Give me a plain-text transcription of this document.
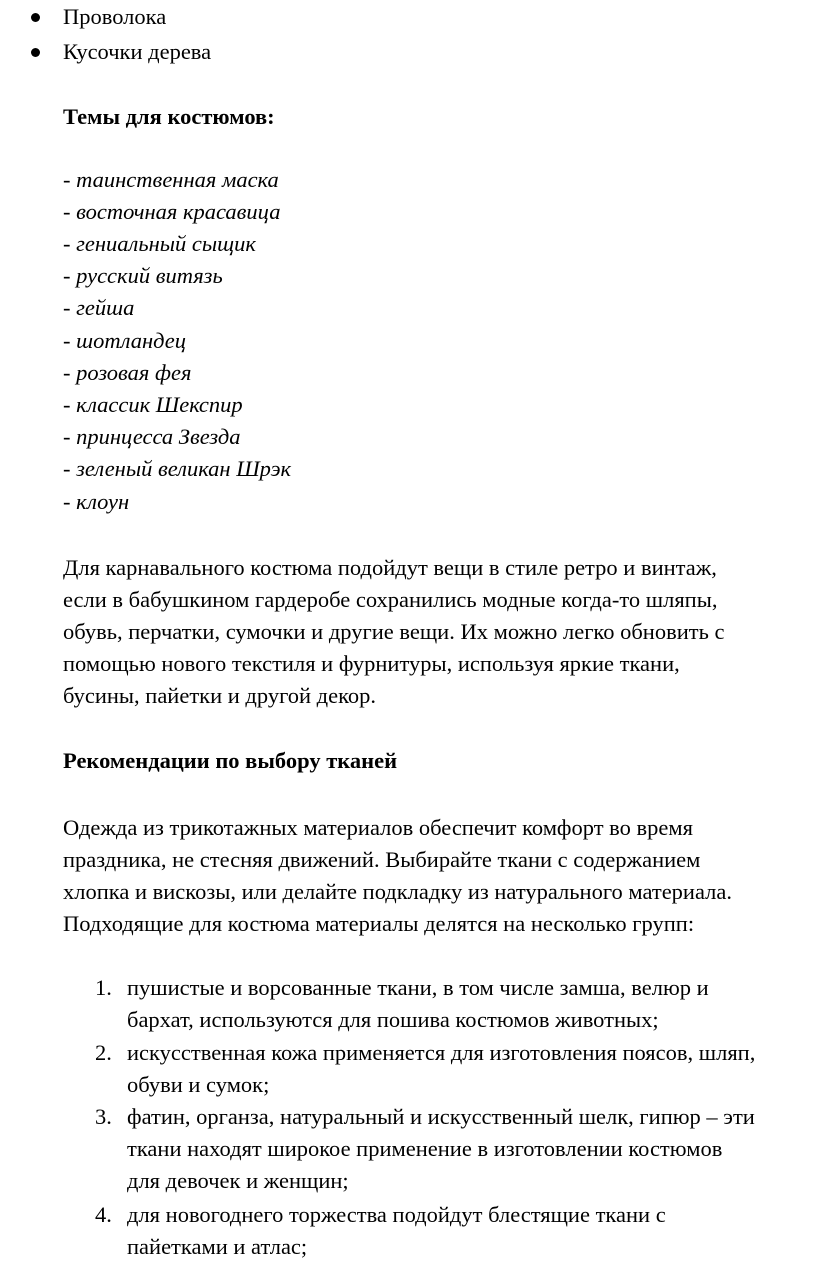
Проволока
Кусочки дерева
Темы для костюмов:
- таинственная маска
- восточная красавица
- гениальный сыщик
- русский витязь
- гейша
- шотландец
- розовая фея
- классик Шекспир
- принцесса Звезда
- зеленый великан Шрэк
- клоун
Для карнавального костюма подойдут вещи в стиле ретро и винтаж,
если в бабушкином гардеробе сохранились модные когда-то шляпы,
обувь, перчатки, сумочки и другие вещи. Их можно легко обновить с
помощью нового текстиля и фурнитуры, используя яркие ткани,
бусины, пайетки и другой декор.
Рекомендации по выбору тканей
Одежда из трикотажных материалов обеспечит комфорт во время
праздника, не стесняя движений. Выбирайте ткани с содержанием
хлопка и вискозы, или делайте подкладку из натурального материала.
Подходящие для костюма материалы делятся на несколько групп:
1. пушистые и ворсованные ткани, в том числе замша, велюр и
бархат, используются для пошива костюмов животных;
2. искусственная кожа применяется для изготовления поясов, шляп,
обуви и сумок;
3. фатин, органза, натуральный и искусственный шелк, гипюр – эти
ткани находят широкое применение в изготовлении костюмов
для девочек и женщин;
4. для новогоднего торжества подойдут блестящие ткани с
пайетками и атлас;
